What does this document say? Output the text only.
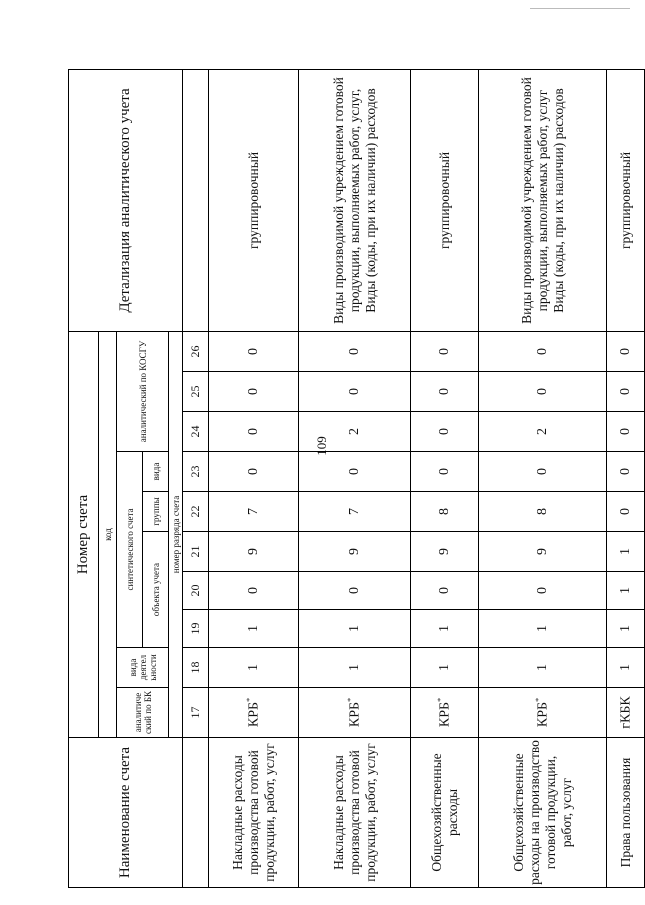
109
Наименование счета	Номер счета										Детализация аналитического учета
	код										
	аналитиче ский по БК	вида деятел ьности	синтетического счета					аналитический по КОСГУ			
			объекта учета			группы	вида				
	номер разряда счета										
	17	18	19	20	21	22	23	24	25	26	
Накладные расходы производства готовой продукции, работ, услуг	КРБ*	1	1	0	9	7	0	0	0	0	группировочный
Накладные расходы производства готовой продукции, работ, услуг	КРБ*	1	1	0	9	7	0	2	0	0	Виды производимой учреждением готовой продукции, выполняемых работ, услуг, Виды (коды, при их наличии) расходов
Общехозяйственные расходы	КРБ*	1	1	0	9	8	0	0	0	0	группировочный
Общехозяйственные расходы на производство готовой продукции, работ, услуг	КРБ*	1	1	0	9	8	0	2	0	0	Виды производимой учреждением готовой продукции, выполняемых работ, услуг Виды (коды, при их наличии) расходов
Права пользования	гКБК	1	1	1	1	0	0	0	0	0	группировочный
